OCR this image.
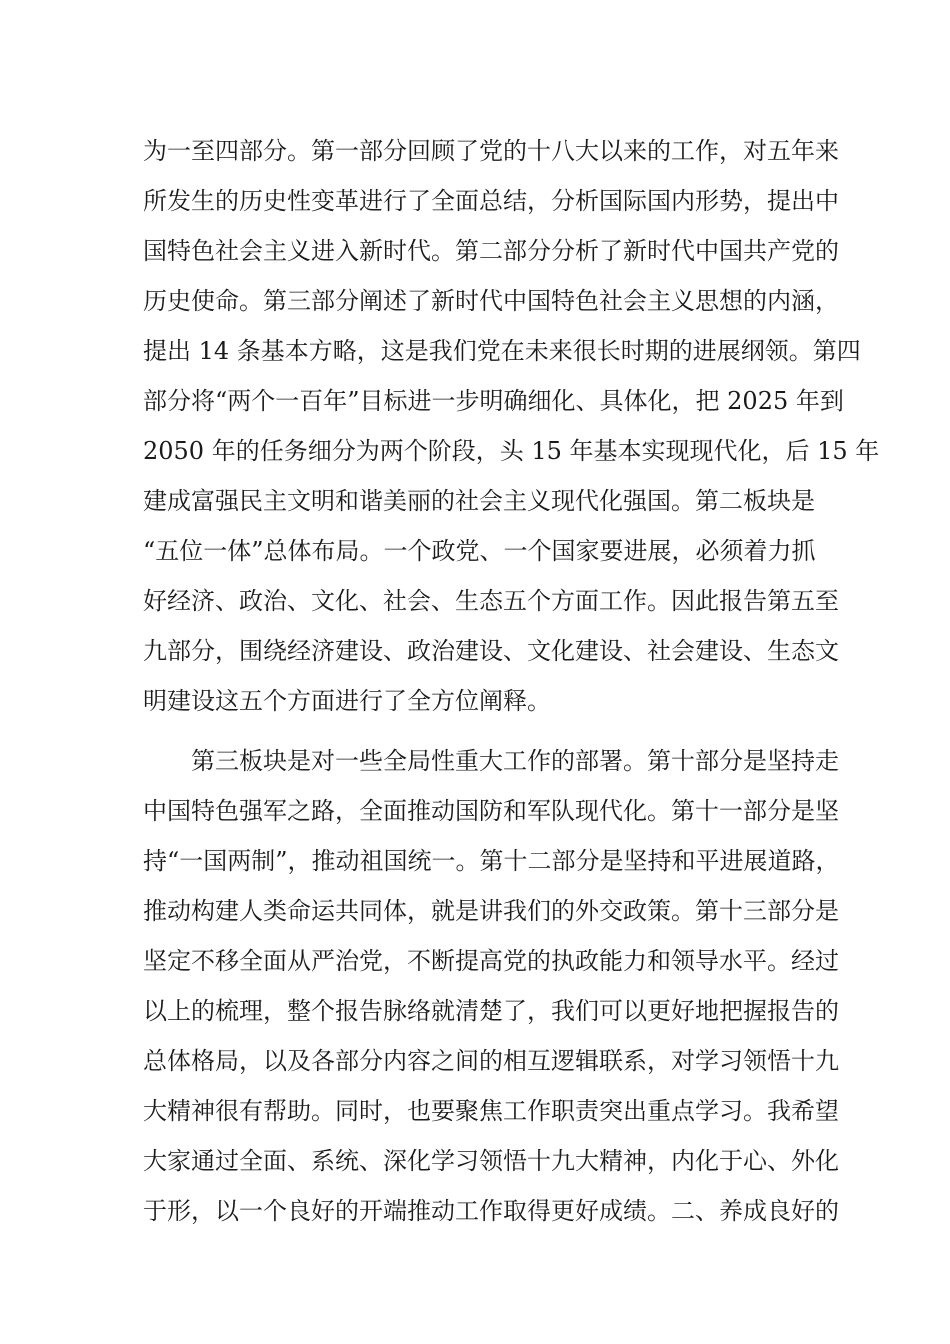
为一至四部分。第一部分回顾了党的十八大以来的工作，对五年来
所发生的历史性变革进行了全面总结，分析国际国内形势，提出中
国特色社会主义进入新时代。第二部分分析了新时代中国共产党的
历史使命。第三部分阐述了新时代中国特色社会主义思想的内涵，
提出 14 条基本方略，这是我们党在未来很长时期的进展纲领。第四
部分将“两个一百年”目标进一步明确细化、具体化，把 2025 年到
2050 年的任务细分为两个阶段，头 15 年基本实现现代化，后 15 年
建成富强民主文明和谐美丽的社会主义现代化强国。第二板块是
“五位一体”总体布局。一个政党、一个国家要进展，必须着力抓
好经济、政治、文化、社会、生态五个方面工作。因此报告第五至
九部分，围绕经济建设、政治建设、文化建设、社会建设、生态文
明建设这五个方面进行了全方位阐释。
第三板块是对一些全局性重大工作的部署。第十部分是坚持走
中国特色强军之路，全面推动国防和军队现代化。第十一部分是坚
持“一国两制”，推动祖国统一。第十二部分是坚持和平进展道路，
推动构建人类命运共同体，就是讲我们的外交政策。第十三部分是
坚定不移全面从严治党，不断提高党的执政能力和领导水平。经过
以上的梳理，整个报告脉络就清楚了，我们可以更好地把握报告的
总体格局，以及各部分内容之间的相互逻辑联系，对学习领悟十九
大精神很有帮助。同时，也要聚焦工作职责突出重点学习。我希望
大家通过全面、系统、深化学习领悟十九大精神，内化于心、外化
于形，以一个良好的开端推动工作取得更好成绩。二、养成良好的
